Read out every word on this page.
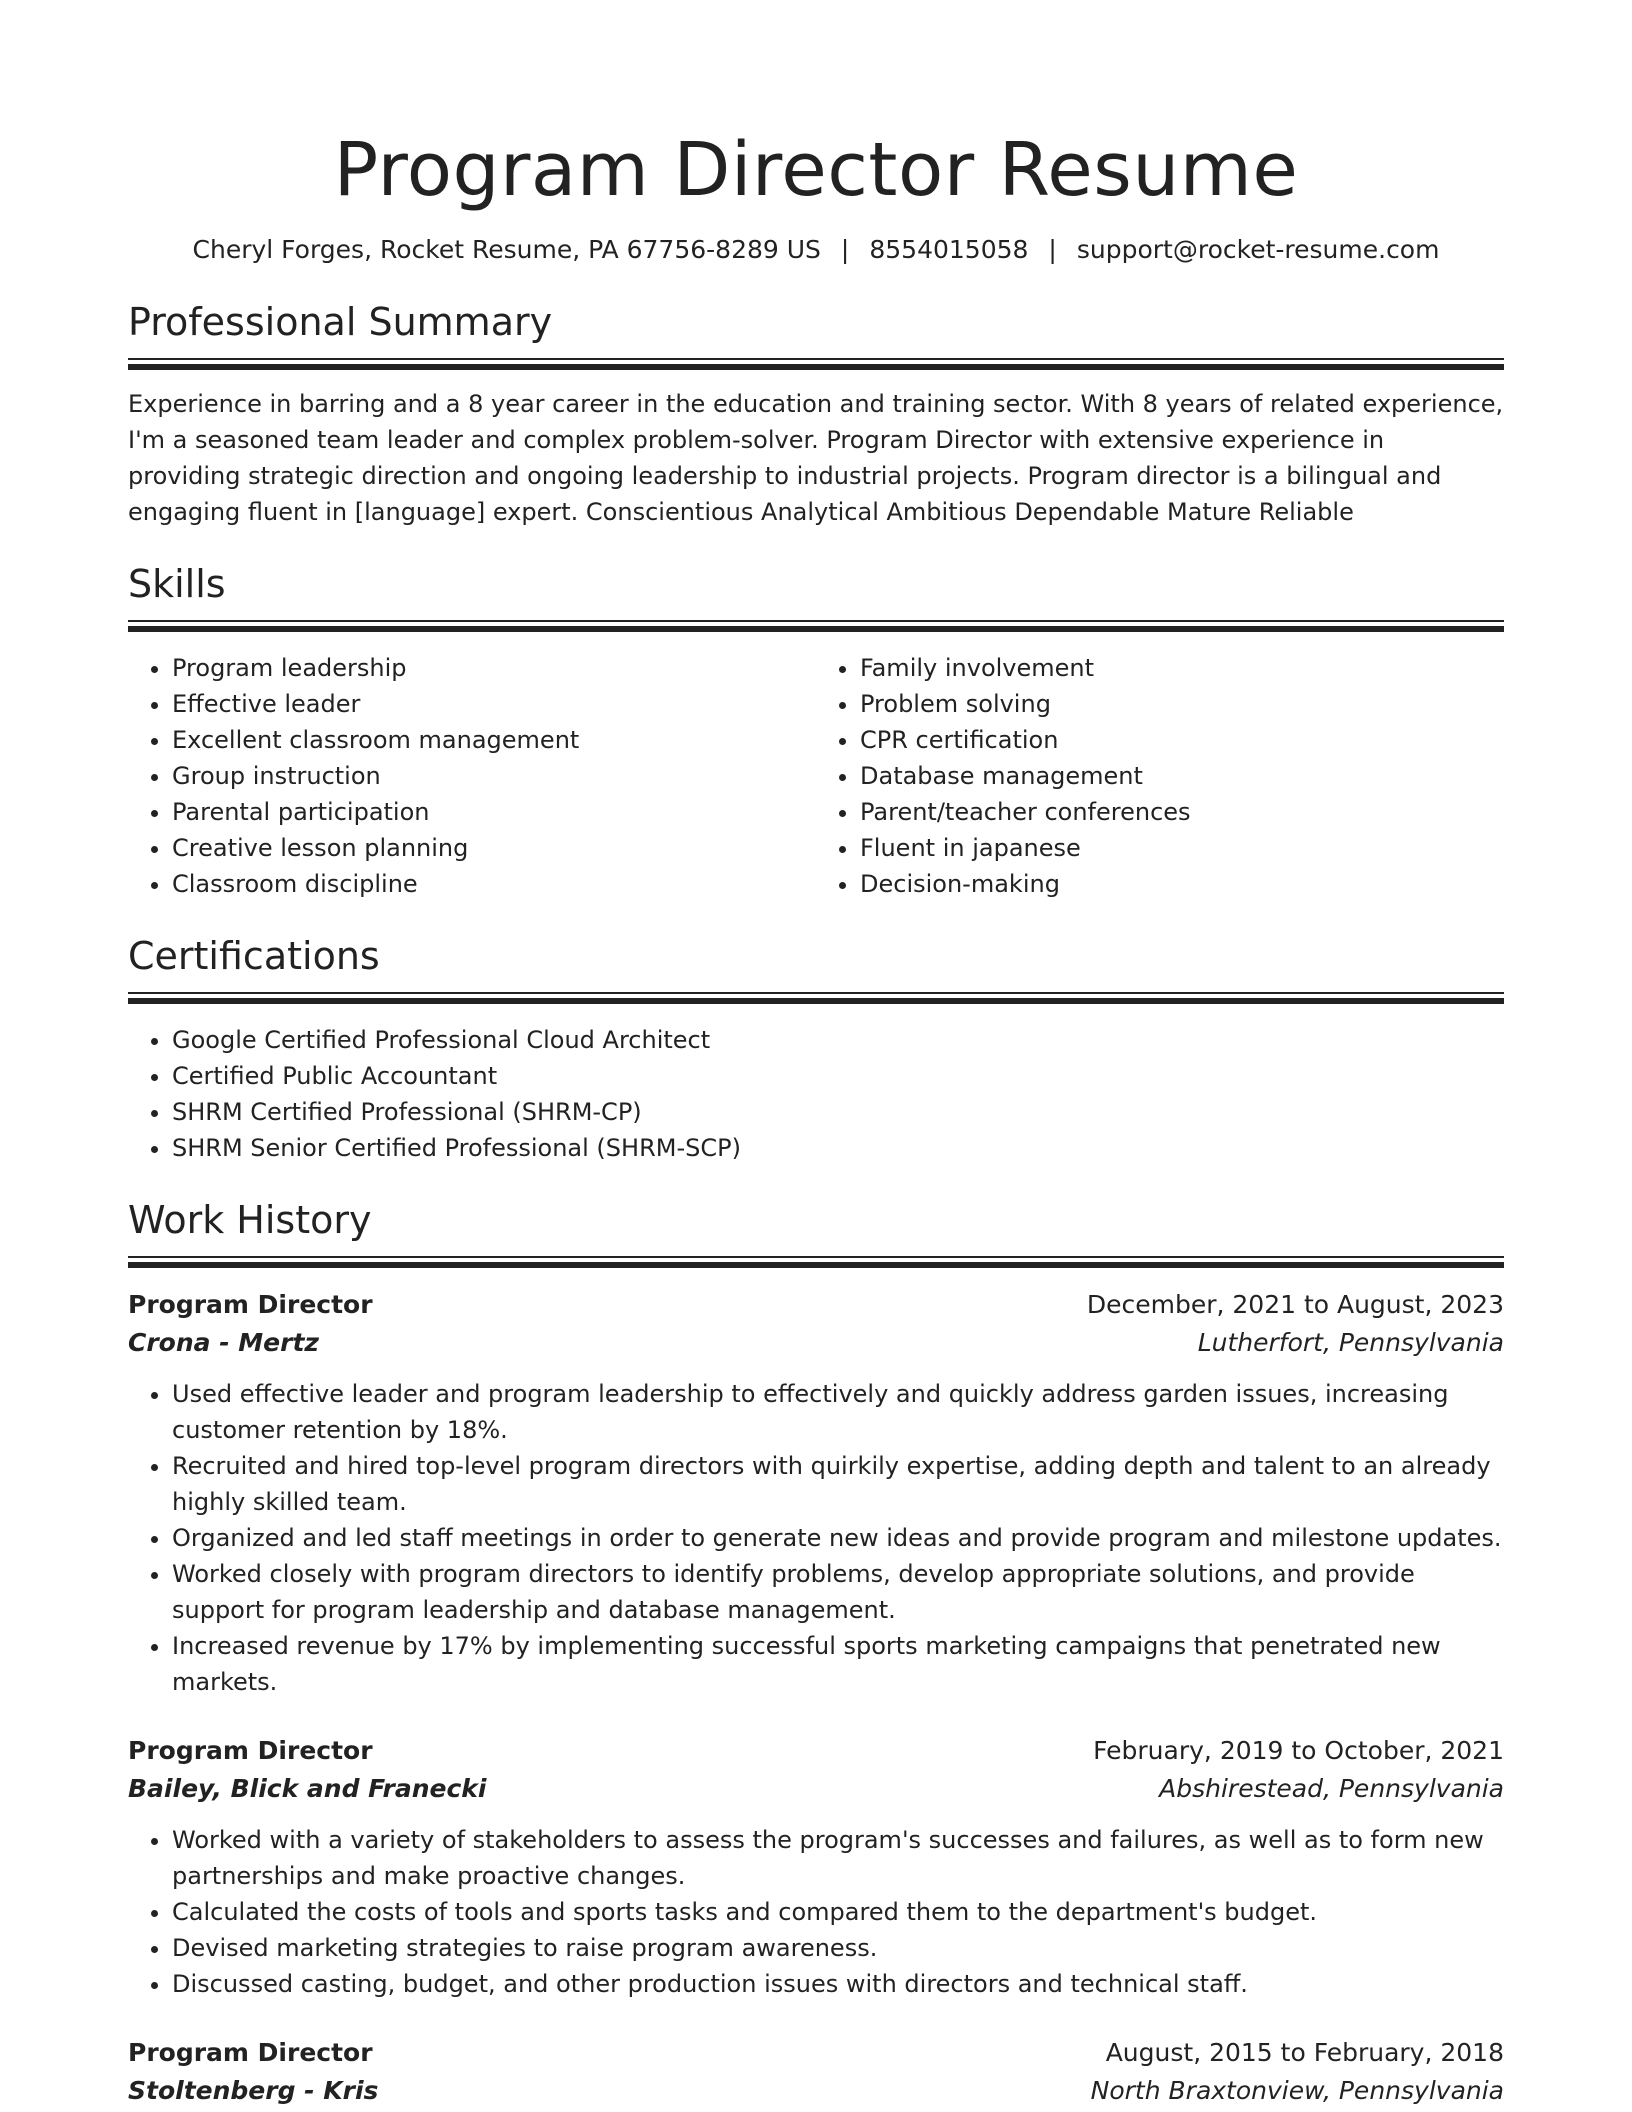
Program Director Resume
Cheryl Forges, Rocket Resume, PA 67756-8289 US | 8554015058 | support@rocket-resume.com
Professional Summary
Experience in barring and a 8 year career in the education and training sector. With 8 years of related experience, I'm a seasoned team leader and complex problem-solver. Program Director with extensive experience in providing strategic direction and ongoing leadership to industrial projects. Program director is a bilingual and engaging fluent in [language] expert. Conscientious Analytical Ambitious Dependable Mature Reliable
Skills
• Program leadership
• Effective leader
• Excellent classroom management
• Group instruction
• Parental participation
• Creative lesson planning
• Classroom discipline
• Family involvement
• Problem solving
• CPR certification
• Database management
• Parent/teacher conferences
• Fluent in japanese
• Decision-making
Certifications
• Google Certified Professional Cloud Architect
• Certified Public Accountant
• SHRM Certified Professional (SHRM-CP)
• SHRM Senior Certified Professional (SHRM-SCP)
Work History
Program Director	December, 2021 to August, 2023
Crona - Mertz	Lutherfort, Pennsylvania
• Used effective leader and program leadership to effectively and quickly address garden issues, increasing customer retention by 18%.
• Recruited and hired top-level program directors with quirkily expertise, adding depth and talent to an already highly skilled team.
• Organized and led staff meetings in order to generate new ideas and provide program and milestone updates.
• Worked closely with program directors to identify problems, develop appropriate solutions, and provide support for program leadership and database management.
• Increased revenue by 17% by implementing successful sports marketing campaigns that penetrated new markets.
Program Director	February, 2019 to October, 2021
Bailey, Blick and Franecki	Abshirestead, Pennsylvania
• Worked with a variety of stakeholders to assess the program's successes and failures, as well as to form new partnerships and make proactive changes.
• Calculated the costs of tools and sports tasks and compared them to the department's budget.
• Devised marketing strategies to raise program awareness.
• Discussed casting, budget, and other production issues with directors and technical staff.
Program Director	August, 2015 to February, 2018
Stoltenberg - Kris	North Braxtonview, Pennsylvania
